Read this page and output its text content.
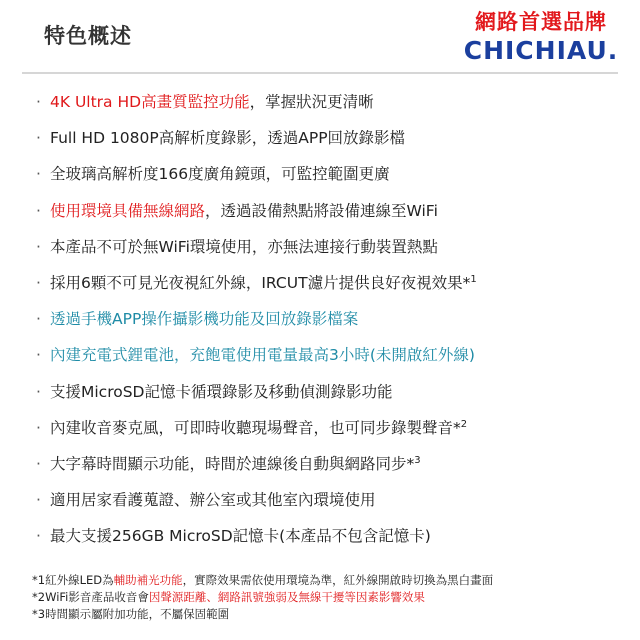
特色概述
網路首選品牌
CHICHIAU.
· 4K Ultra HD高畫質監控功能，掌握狀況更清晰
· Full HD 1080P高解析度錄影，透過APP回放錄影檔
· 全玻璃高解析度166度廣角鏡頭，可監控範圍更廣
· 使用環境具備無線網路，透過設備熱點將設備連線至WiFi
· 本產品不可於無WiFi環境使用，亦無法連接行動裝置熱點
· 採用6顆不可見光夜視紅外線，IRCUT濾片提供良好夜視效果*$^1$
· 透過手機APP操作攝影機功能及回放錄影檔案
· 內建充電式鋰電池，充飽電使用電量最高3小時(未開啟紅外線)
· 支援MicroSD記憶卡循環錄影及移動偵測錄影功能
· 內建收音麥克風，可即時收聽現場聲音，也可同步錄製聲音*$^2$
· 大字幕時間顯示功能，時間於連線後自動與網路同步*$^3$
· 適用居家看護蒐證、辦公室或其他室內環境使用
· 最大支援256GB MicroSD記憶卡(本產品不包含記憶卡)
*1紅外線LED為輔助補光功能，實際效果需依使用環境為準，紅外線開啟時切換為黑白畫面
*2WiFi影音產品收音會因聲源距離、網路訊號強弱及無線干擾等因素影響效果
*3時間顯示屬附加功能，不屬保固範圍
